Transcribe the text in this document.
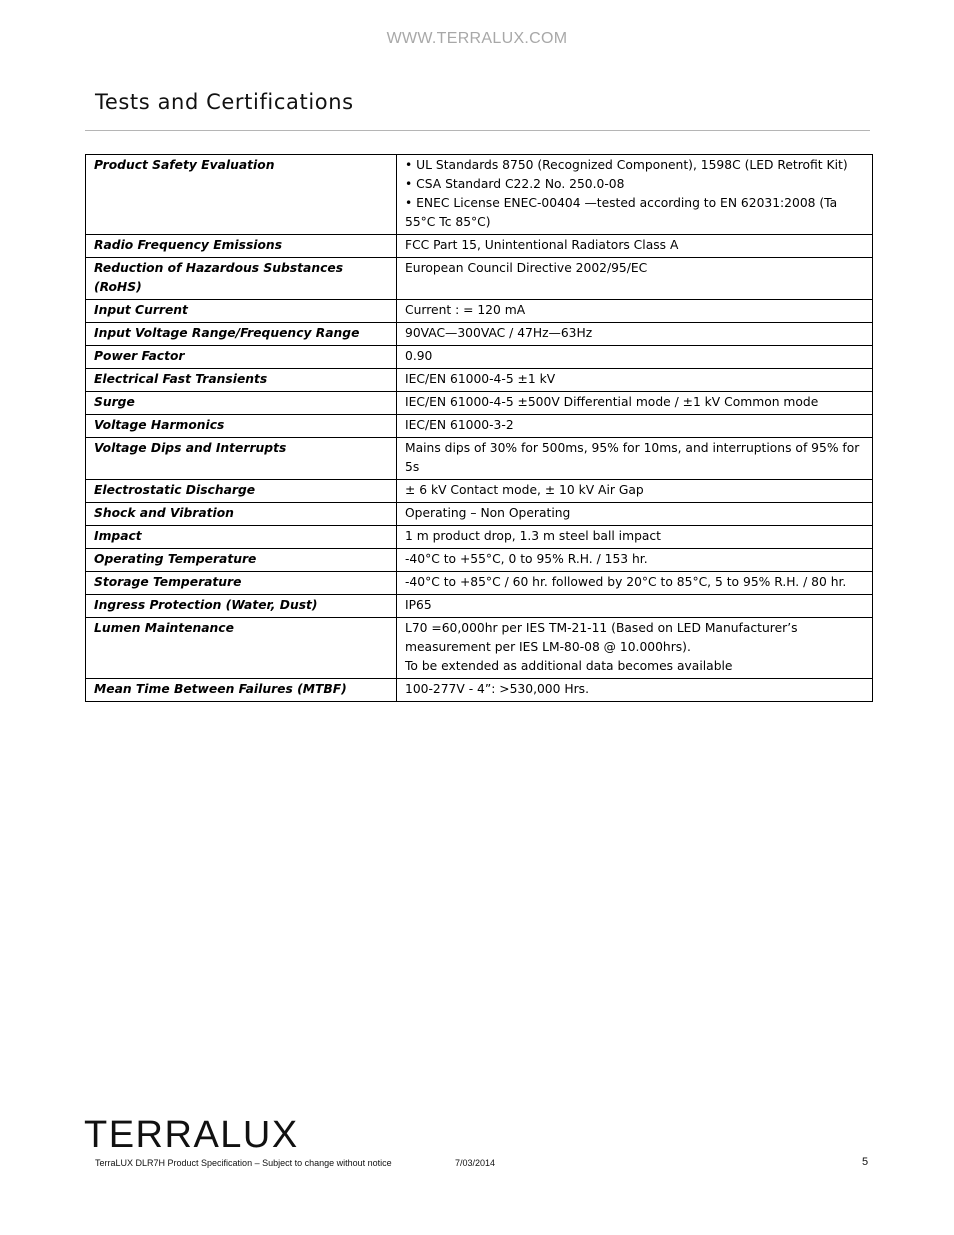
WWW.TERRALUX.COM
Tests and Certifications
Product Safety Evaluation	• UL Standards 8750 (Recognized Component), 1598C (LED Retrofit Kit)
• CSA Standard C22.2 No. 250.0-08
• ENEC License ENEC-00404 —tested according to EN 62031:2008 (Ta 55°C Tc 85°C)

Radio Frequency Emissions	FCC Part 15, Unintentional Radiators Class A

Reduction of Hazardous Substances (RoHS)	European Council Directive 2002/95/EC

Input Current	Current : = 120 mA

Input Voltage Range/Frequency Range	90VAC—300VAC / 47Hz—63Hz

Power Factor	0.90

Electrical Fast Transients	IEC/EN 61000-4-5 ±1 kV

Surge	IEC/EN 61000-4-5 ±500V Differential mode / ±1 kV Common mode

Voltage Harmonics	IEC/EN 61000-3-2

Voltage Dips and Interrupts	Mains dips of 30% for 500ms, 95% for 10ms, and interruptions of 95% for 5s

Electrostatic Discharge	± 6 kV Contact mode, ± 10 kV Air Gap

Shock and Vibration	Operating – Non Operating

Impact	1 m product drop, 1.3 m steel ball impact

Operating Temperature	-40°C to +55°C, 0 to 95% R.H. / 153 hr.

Storage Temperature	-40°C to +85°C / 60 hr. followed by 20°C to 85°C, 5 to 95% R.H. / 80 hr.

Ingress Protection (Water, Dust)	IP65

Lumen Maintenance	L70 =60,000hr per IES TM-21-11 (Based on LED Manufacturer’s measurement per IES LM-80-08 @ 10.000hrs).
To be extended as additional data becomes available

Mean Time Between Failures (MTBF)	100-277V - 4”: >530,000 Hrs.
TERRALUX
TerraLUX DLR7H Product Specification – Subject to change without notice	7/03/2014	5
